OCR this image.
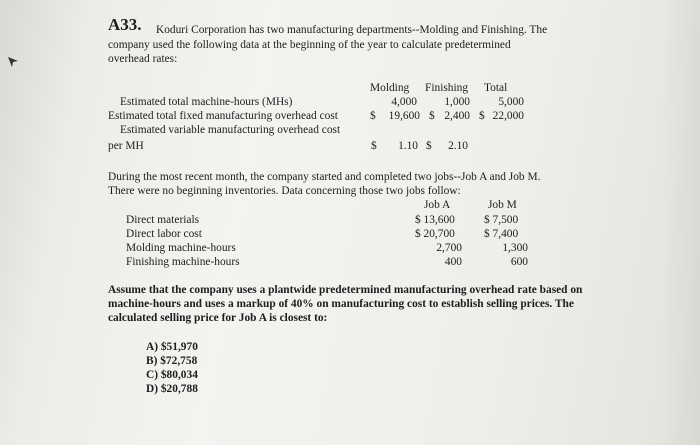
A33. Koduri Corporation has two manufacturing departments--Molding and Finishing. The
company used the following data at the beginning of the year to calculate predetermined
overhead rates:
Molding Finishing Total
Estimated total machine-hours (MHs)	4,000	1,000	5,000
Estimated total fixed manufacturing overhead cost	$	19,600 $ 2,400 $ 22,000
Estimated variable manufacturing overhead cost
per MH	$	1.10 $	2.10
During the most recent month, the company started and completed two jobs--Job A and Job M.
There were no beginning inventories. Data concerning those two jobs follow:
Job A	Job M
Direct materials	$ 13,600	$ 7,500
Direct labor cost	$ 20,700	$ 7,400
Molding machine-hours	2,700	1,300
Finishing machine-hours	400	600
Assume that the company uses a plantwide predetermined manufacturing overhead rate based on
machine-hours and uses a markup of 40% on manufacturing cost to establish selling prices. The
calculated selling price for Job A is closest to:
A) $51,970
B) $72,758
C) $80,034
D) $20,788
